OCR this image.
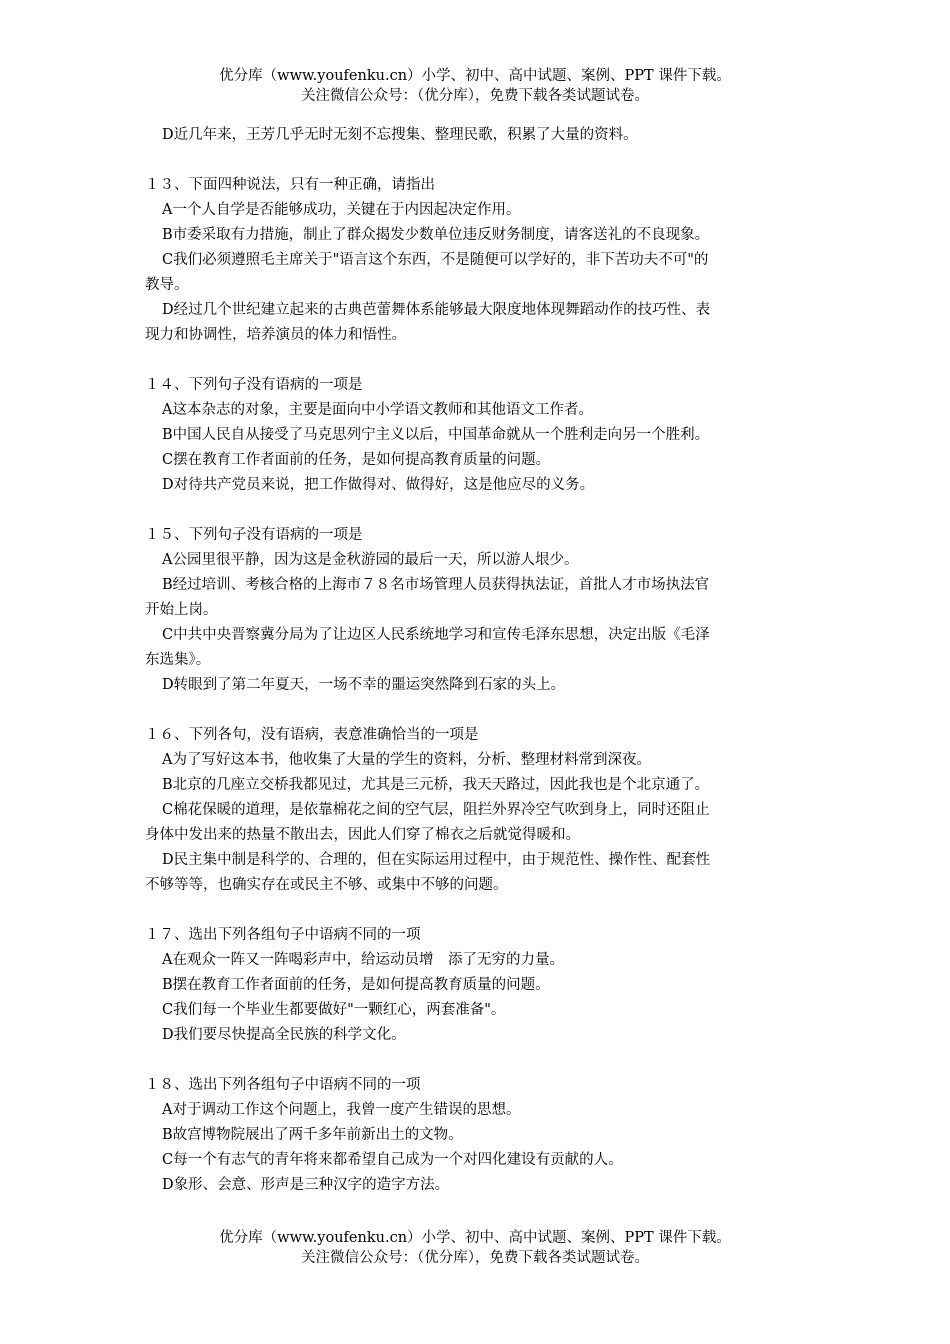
优分库（www.youfenku.cn）小学、初中、高中试题、案例、PPT 课件下载。
关注微信公众号：（优分库），免费下载各类试题试卷。
D近几年来，王芳几乎无时无刻不忘搜集、整理民歌，积累了大量的资料。
１３、下面四种说法，只有一种正确，请指出
A一个人自学是否能够成功，关键在于内因起决定作用。
B市委采取有力措施，制止了群众揭发少数单位违反财务制度，请客送礼的不良现象。
C我们必须遵照毛主席关于"语言这个东西，不是随便可以学好的，非下苦功夫不可"的
教导。
D经过几个世纪建立起来的古典芭蕾舞体系能够最大限度地体现舞蹈动作的技巧性、表
现力和协调性，培养演员的体力和悟性。
１４、下列句子没有语病的一项是
A这本杂志的对象，主要是面向中小学语文教师和其他语文工作者。
B中国人民自从接受了马克思列宁主义以后，中国革命就从一个胜利走向另一个胜利。
C摆在教育工作者面前的任务，是如何提高教育质量的问题。
D对待共产党员来说，把工作做得对、做得好，这是他应尽的义务。
１５、下列句子没有语病的一项是
A公园里很平静，因为这是金秋游园的最后一天，所以游人垠少。
B经过培训、考核合格的上海市７８名市场管理人员获得执法证，首批人才市场执法官
开始上岗。
C中共中央晋察冀分局为了让边区人民系统地学习和宣传毛泽东思想，决定出版《毛泽
东选集》。
D转眼到了第二年夏天，一场不幸的噩运突然降到石家的头上。
１６、下列各句，没有语病，表意准确恰当的一项是
A为了写好这本书，他收集了大量的学生的资料，分析、整理材料常到深夜。
B北京的几座立交桥我都见过，尤其是三元桥，我天天路过，因此我也是个北京通了。
C棉花保暖的道理，是依靠棉花之间的空气层，阻拦外界冷空气吹到身上，同时还阻止
身体中发出来的热量不散出去，因此人们穿了棉衣之后就觉得暖和。
D民主集中制是科学的、合理的，但在实际运用过程中，由于规范性、操作性、配套性
不够等等，也确实存在或民主不够、或集中不够的问题。
１７、选出下列各组句子中语病不同的一项
A在观众一阵又一阵喝彩声中，给运动员增　添了无穷的力量。
B摆在教育工作者面前的任务，是如何提高教育质量的问题。
C我们每一个毕业生都要做好"一颗红心，两套准备"。
D我们要尽快提高全民族的科学文化。
１８、选出下列各组句子中语病不同的一项
A对于调动工作这个问题上，我曾一度产生错误的思想。
B故宫博物院展出了两千多年前新出土的文物。
C每一个有志气的青年将来都希望自己成为一个对四化建设有贡献的人。
D象形、会意、形声是三种汉字的造字方法。
优分库（www.youfenku.cn）小学、初中、高中试题、案例、PPT 课件下载。
关注微信公众号：（优分库），免费下载各类试题试卷。
